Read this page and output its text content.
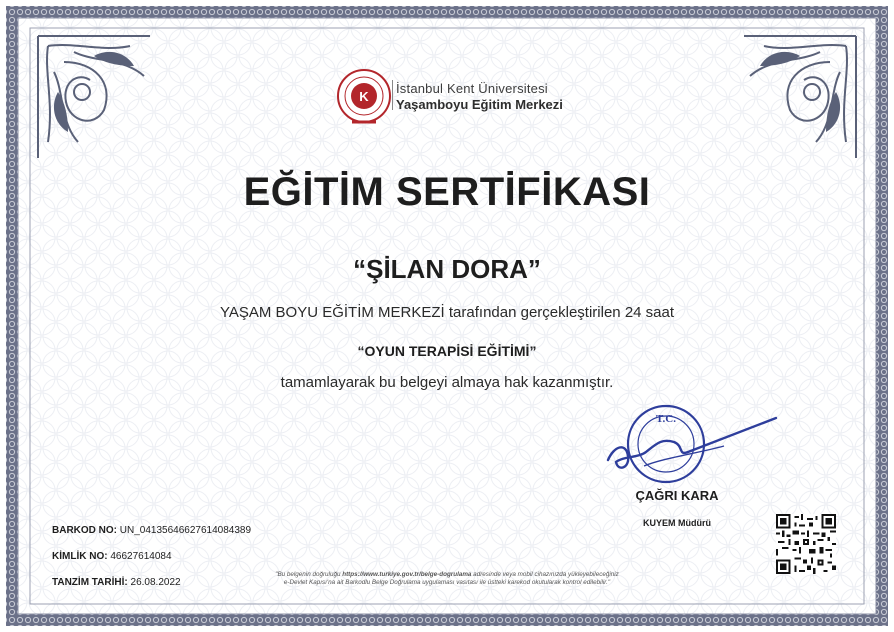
K
İstanbul Kent Üniversitesi
Yaşamboyu Eğitim Merkezi
EĞİTİM SERTİFİKASI
“ŞİLAN DORA”
YAŞAM BOYU EĞİTİM MERKEZİ tarafından gerçekleştirilen 24 saat
“OYUN TERAPİSİ EĞİTİMİ”
tamamlayarak bu belgeyi almaya hak kazanmıştır.
T.C.
ÇAĞRI KARA
KUYEM Müdürü
BARKOD NO: UN_04135646627614084389
KİMLİK NO: 46627614084
TANZİM TARİHİ: 26.08.2022
"Bu belgenin doğruluğu https://www.turkiye.gov.tr/belge-dogrulama adresinde veya mobil cihazınızda yükleyebileceğiniz
e-Devlet Kapısı'na ait Barkodlu Belge Doğrulama uygulaması vasıtası ile üstteki karekod okutularak kontrol edilebilir."
